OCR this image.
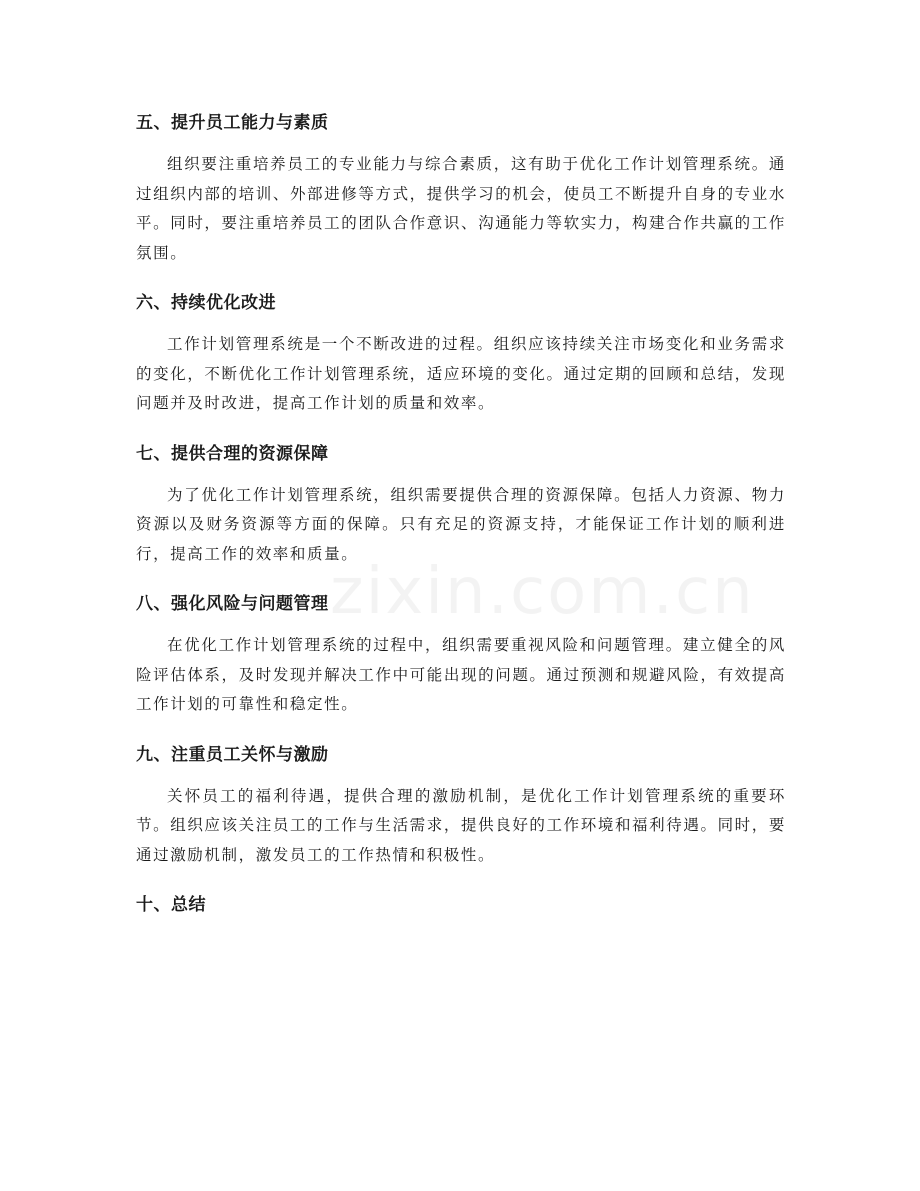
五、提升员工能力与素质

组织要注重培养员工的专业能力与综合素质，这有助于优化工作计划管理系统。通过组织内部的培训、外部进修等方式，提供学习的机会，使员工不断提升自身的专业水平。同时，要注重培养员工的团队合作意识、沟通能力等软实力，构建合作共赢的工作氛围。

六、持续优化改进

工作计划管理系统是一个不断改进的过程。组织应该持续关注市场变化和业务需求的变化，不断优化工作计划管理系统，适应环境的变化。通过定期的回顾和总结，发现问题并及时改进，提高工作计划的质量和效率。

七、提供合理的资源保障

为了优化工作计划管理系统，组织需要提供合理的资源保障。包括人力资源、物力资源以及财务资源等方面的保障。只有充足的资源支持，才能保证工作计划的顺利进行，提高工作的效率和质量。

八、强化风险与问题管理

在优化工作计划管理系统的过程中，组织需要重视风险和问题管理。建立健全的风险评估体系，及时发现并解决工作中可能出现的问题。通过预测和规避风险，有效提高工作计划的可靠性和稳定性。

九、注重员工关怀与激励

关怀员工的福利待遇，提供合理的激励机制，是优化工作计划管理系统的重要环节。组织应该关注员工的工作与生活需求，提供良好的工作环境和福利待遇。同时，要通过激励机制，激发员工的工作热情和积极性。

十、总结
